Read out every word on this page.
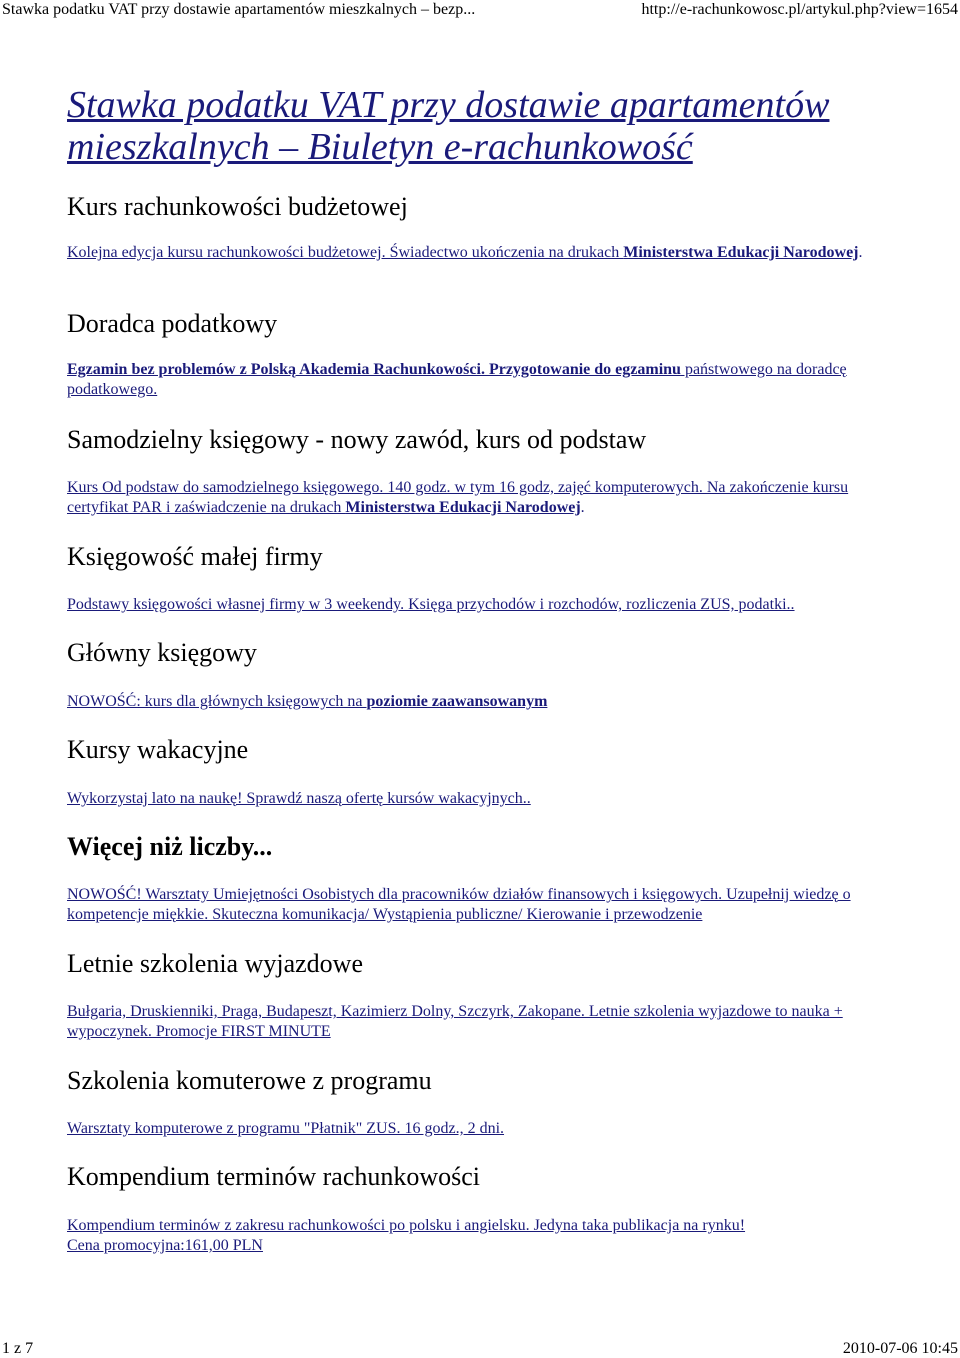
Stawka podatku VAT przy dostawie apartamentów mieszkalnych – bezp...	http://e-rachunkowosc.pl/artykul.php?view=1654
Stawka podatku VAT przy dostawie apartamentów mieszkalnych – Biuletyn e-rachunkowość
Kurs rachunkowości budżetowej

Kolejna edycja kursu rachunkowości budżetowej. Świadectwo ukończenia na drukach Ministerstwa Edukacji Narodowej.

Doradca podatkowy

Egzamin bez problemów z Polską Akademia Rachunkowości. Przygotowanie do egzaminu państwowego na doradcę podatkowego.

Samodzielny księgowy - nowy zawód, kurs od podstaw

Kurs Od podstaw do samodzielnego księgowego. 140 godz. w tym 16 godz, zajęć komputerowych. Na zakończenie kursu certyfikat PAR i zaświadczenie na drukach Ministerstwa Edukacji Narodowej.

Księgowość małej firmy

Podstawy księgowości własnej firmy w 3 weekendy. Księga przychodów i rozchodów, rozliczenia ZUS, podatki..

Główny księgowy

NOWOŚĆ: kurs dla głównych księgowych na poziomie zaawansowanym

Kursy wakacyjne

Wykorzystaj lato na naukę! Sprawdź naszą ofertę kursów wakacyjnych..

Więcej niż liczby...

NOWOŚĆ! Warsztaty Umiejętności Osobistych dla pracowników działów finansowych i księgowych. Uzupełnij wiedzę o kompetencje miękkie. Skuteczna komunikacja/ Wystąpienia publiczne/ Kierowanie i przewodzenie

Letnie szkolenia wyjazdowe

Bułgaria, Druskienniki, Praga, Budapeszt, Kazimierz Dolny, Szczyrk, Zakopane. Letnie szkolenia wyjazdowe to nauka + wypoczynek. Promocje FIRST MINUTE

Szkolenia komuterowe z programu

Warsztaty komputerowe z programu "Płatnik" ZUS. 16 godz., 2 dni.

Kompendium terminów rachunkowości

Kompendium terminów z zakresu rachunkowości po polsku i angielsku. Jedyna taka publikacja na rynku!
Cena promocyjna:161,00 PLN

1 z 7	2010-07-06 10:45
